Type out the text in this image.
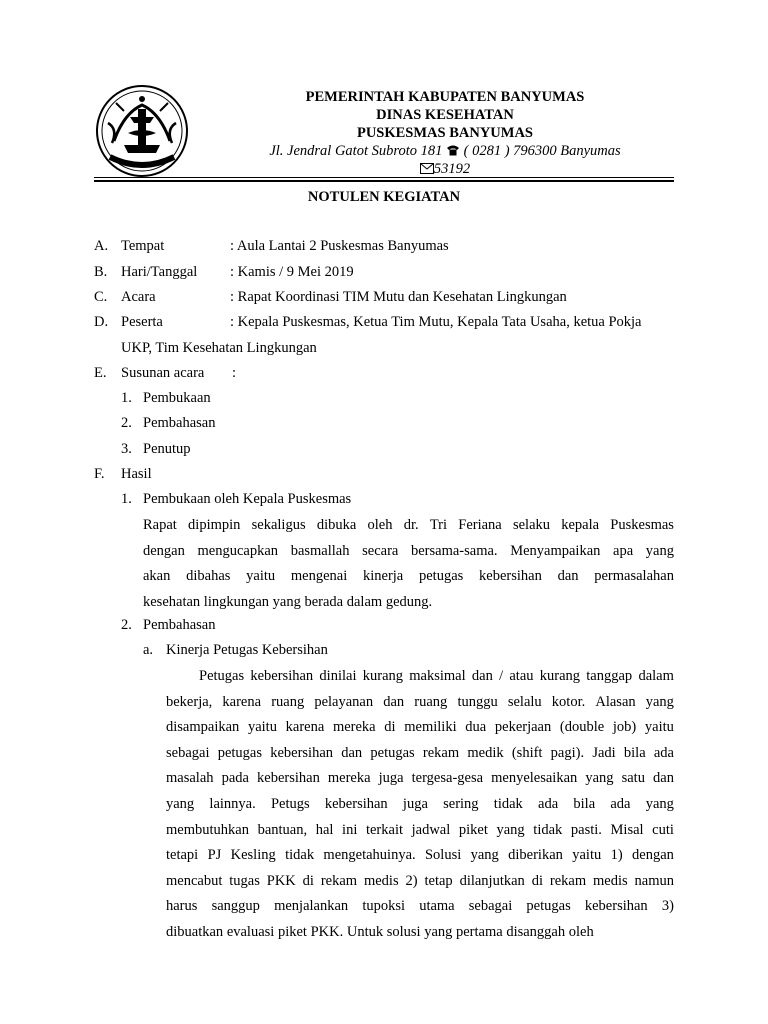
PEMERINTAH KABUPATEN BANYUMAS
DINAS KESEHATAN
PUSKESMAS BANYUMAS
Jl. Jendral Gatot Subroto 181 ( 0281 ) 796300 Banyumas
53192
NOTULEN KEGIATAN
A. Tempat	: Aula Lantai 2 Puskesmas Banyumas
B. Hari/Tanggal : Kamis / 9 Mei 2019
C. Acara	: Rapat Koordinasi TIM Mutu dan Kesehatan Lingkungan
D. Peserta	: Kepala Puskesmas, Ketua Tim Mutu, Kepala Tata Usaha, ketua Pokja
UKP, Tim Kesehatan Lingkungan
E. Susunan acara :
1. Pembukaan
2. Pembahasan
3. Penutup
F. Hasil
1. Pembukaan oleh Kepala Puskesmas
Rapat dipimpin sekaligus dibuka oleh dr. Tri Feriana selaku kepala Puskesmas
dengan mengucapkan basmallah secara bersama-sama. Menyampaikan apa yang
akan dibahas yaitu mengenai kinerja petugas kebersihan dan permasalahan
kesehatan lingkungan yang berada dalam gedung.
2. Pembahasan
a. Kinerja Petugas Kebersihan
Petugas kebersihan dinilai kurang maksimal dan / atau kurang tanggap dalam
bekerja, karena ruang pelayanan dan ruang tunggu selalu kotor. Alasan yang
disampaikan yaitu karena mereka di memiliki dua pekerjaan (double job) yaitu
sebagai petugas kebersihan dan petugas rekam medik (shift pagi). Jadi bila ada
masalah pada kebersihan mereka juga tergesa-gesa menyelesaikan yang satu dan
yang lainnya. Petugs kebersihan juga sering tidak ada bila ada yang
membutuhkan bantuan, hal ini terkait jadwal piket yang tidak pasti. Misal cuti
tetapi PJ Kesling tidak mengetahuinya. Solusi yang diberikan yaitu 1) dengan
mencabut tugas PKK di rekam medis 2) tetap dilanjutkan di rekam medis namun
harus sanggup menjalankan tupoksi utama sebagai petugas kebersihan 3)
dibuatkan evaluasi piket PKK. Untuk solusi yang pertama disanggah oleh
